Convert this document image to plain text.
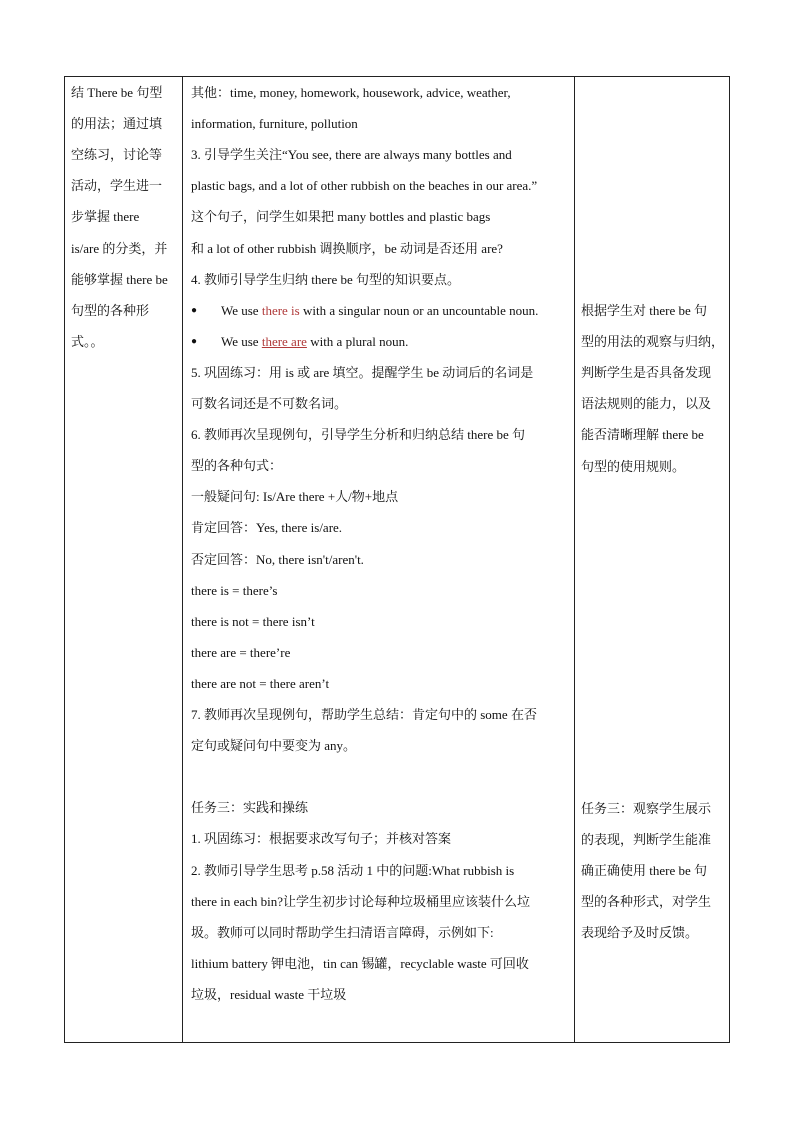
结 There be 句型
的用法；通过填
空练习，讨论等
活动，学生进一
步掌握 there
is/are 的分类，并
能够掌握 there be
句型的各种形
式。。
其他：time, money, homework, housework, advice, weather,
information, furniture, pollution
3. 引导学生关注“You see, there are always many bottles and
plastic bags, and a lot of other rubbish on the beaches in our area.”
这个句子，问学生如果把 many bottles and plastic bags
和 a lot of other rubbish 调换顺序，be 动词是否还用 are?
4. 教师引导学生归纳 there be 句型的知识要点。
● We use there is with a singular noun or an uncountable noun.
● We use there are with a plural noun.
5. 巩固练习：用 is 或 are 填空。提醒学生 be 动词后的名词是
可数名词还是不可数名词。
6. 教师再次呈现例句，引导学生分析和归纳总结 there be 句
型的各种句式：
一般疑问句: Is/Are there +人/物+地点
肯定回答：Yes, there is/are.
否定回答：No, there isn't/aren't.
there is = there’s
there is not = there isn’t
there are = there’re
there are not = there aren’t
7. 教师再次呈现例句，帮助学生总结：肯定句中的 some 在否
定句或疑问句中要变为 any。
任务三：实践和操练
1. 巩固练习：根据要求改写句子；并核对答案
2. 教师引导学生思考 p.58 活动 1 中的问题:What rubbish is
there in each bin?让学生初步讨论每种垃圾桶里应该装什么垃
圾。教师可以同时帮助学生扫清语言障碍，示例如下:
lithium battery 钾电池，tin can 锡罐，recyclable waste 可回收
垃圾，residual waste 干垃圾
根据学生对 there be 句
型的用法的观察与归纳，
判断学生是否具备发现
语法规则的能力，以及
能否清晰理解 there be
句型的使用规则。
任务三：观察学生展示
的表现，判断学生能准
确正确使用 there be 句
型的各种形式，对学生
表现给予及时反馈。
